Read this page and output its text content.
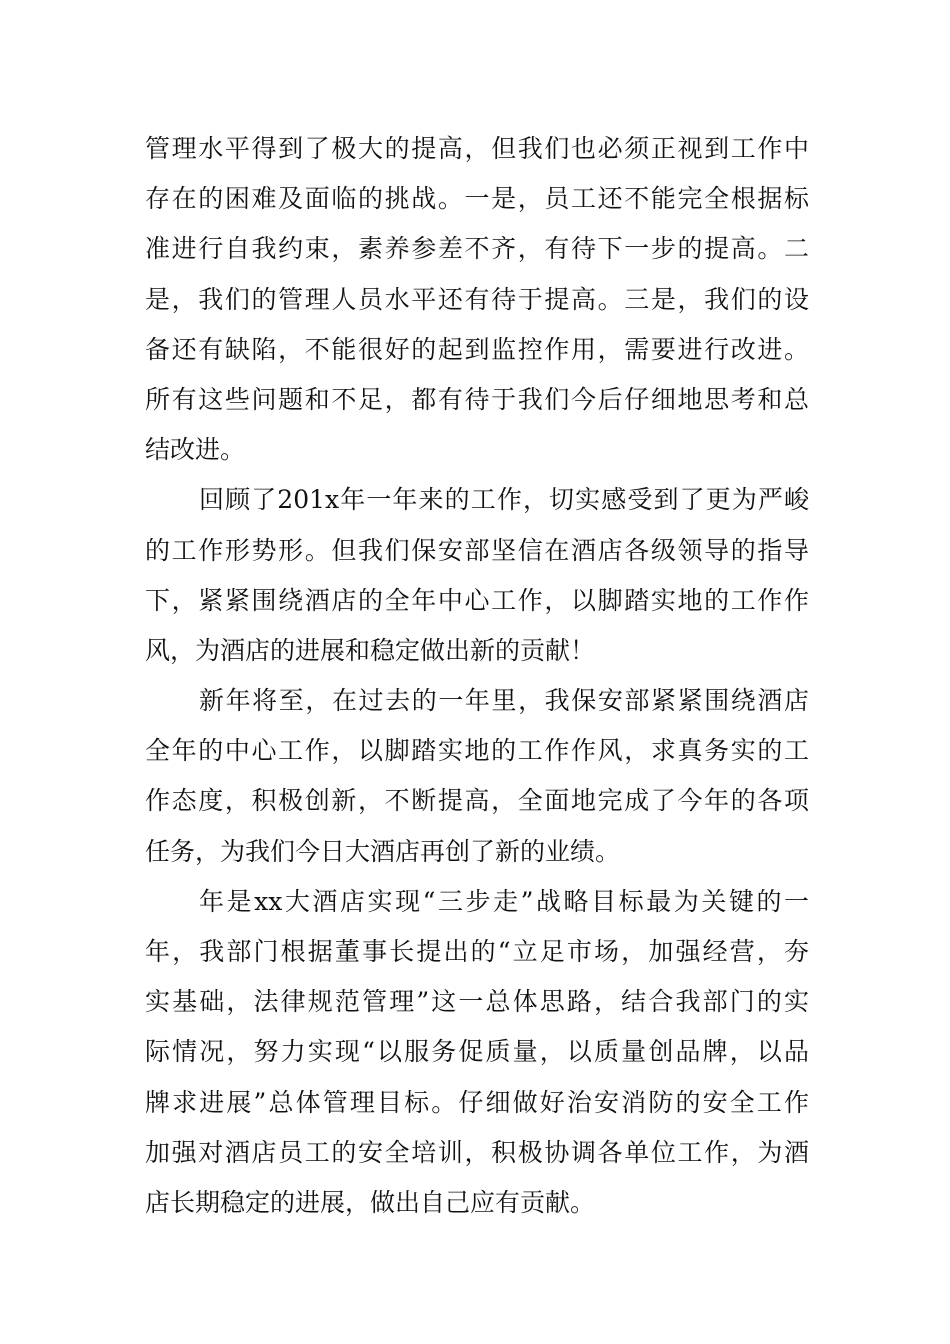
管理水平得到了极大的提高，但我们也必须正视到工作中
存在的困难及面临的挑战。一是，员工还不能完全根据标
准进行自我约束，素养参差不齐，有待下一步的提高。二
是，我们的管理人员水平还有待于提高。三是，我们的设
备还有缺陷，不能很好的起到监控作用，需要进行改进。
所有这些问题和不足，都有待于我们今后仔细地思考和总
结改进。
回顾了201x年一年来的工作，切实感受到了更为严峻
的工作形势形。但我们保安部坚信在酒店各级领导的指导
下，紧紧围绕酒店的全年中心工作，以脚踏实地的工作作
风，为酒店的进展和稳定做出新的贡献！
新年将至，在过去的一年里，我保安部紧紧围绕酒店
全年的中心工作，以脚踏实地的工作作风，求真务实的工
作态度，积极创新，不断提高，全面地完成了今年的各项
任务，为我们今日大酒店再创了新的业绩。
年是xx大酒店实现“三步走”战略目标最为关键的一
年，我部门根据董事长提出的“立足市场，加强经营，夯
实基础，法律规范管理”这一总体思路，结合我部门的实
际情况，努力实现“以服务促质量，以质量创品牌，以品
牌求进展”总体管理目标。仔细做好治安消防的安全工作
加强对酒店员工的安全培训，积极协调各单位工作，为酒
店长期稳定的进展，做出自己应有贡献。
